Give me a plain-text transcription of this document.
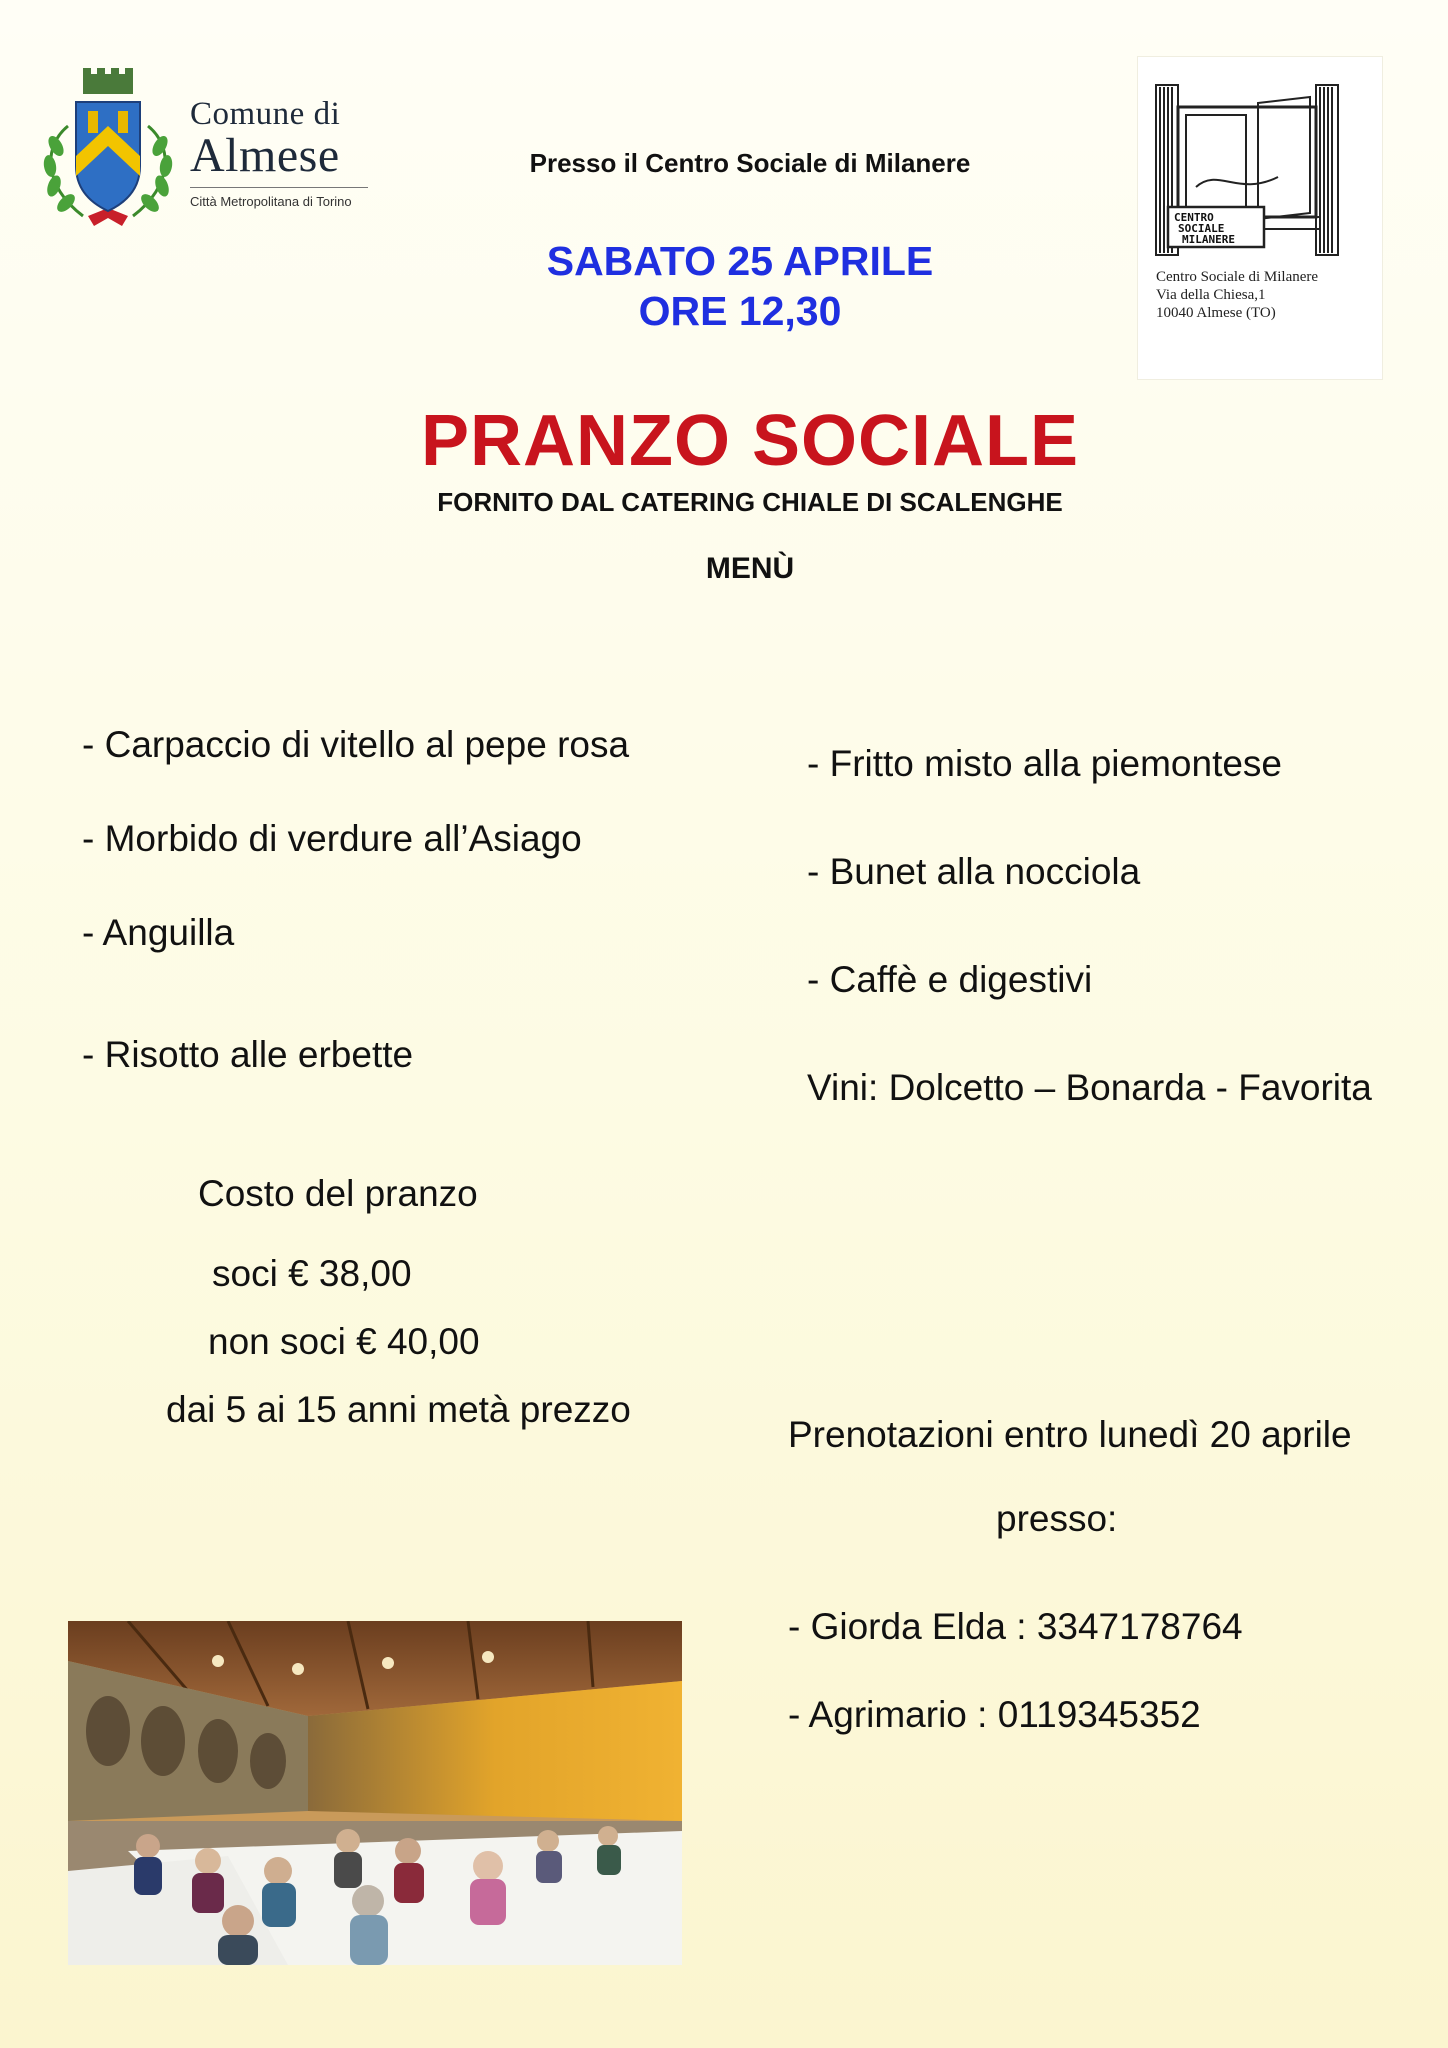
Comune di
Almese
Città Metropolitana di Torino
Presso il Centro Sociale di Milanere
SABATO 25 APRILE
ORE 12,30
PRANZO SOCIALE
FORNITO DAL CATERING CHIALE DI SCALENGHE
MENÙ
CENTRO
SOCIALE
MILANERE
Centro Sociale di Milanere
Via della Chiesa,1
10040 Almese (TO)
- Carpaccio di vitello al pepe rosa
- Morbido di verdure all’Asiago
- Anguilla
- Risotto alle erbette
- Fritto misto alla piemontese
- Bunet alla nocciola
- Caffè e digestivi
Vini: Dolcetto – Bonarda - Favorita
Costo del pranzo
soci € 38,00
non soci € 40,00
dai 5 ai 15 anni metà prezzo
Prenotazioni entro lunedì 20 aprile
presso:
- Giorda Elda : 3347178764
- Agrimario : 0119345352
